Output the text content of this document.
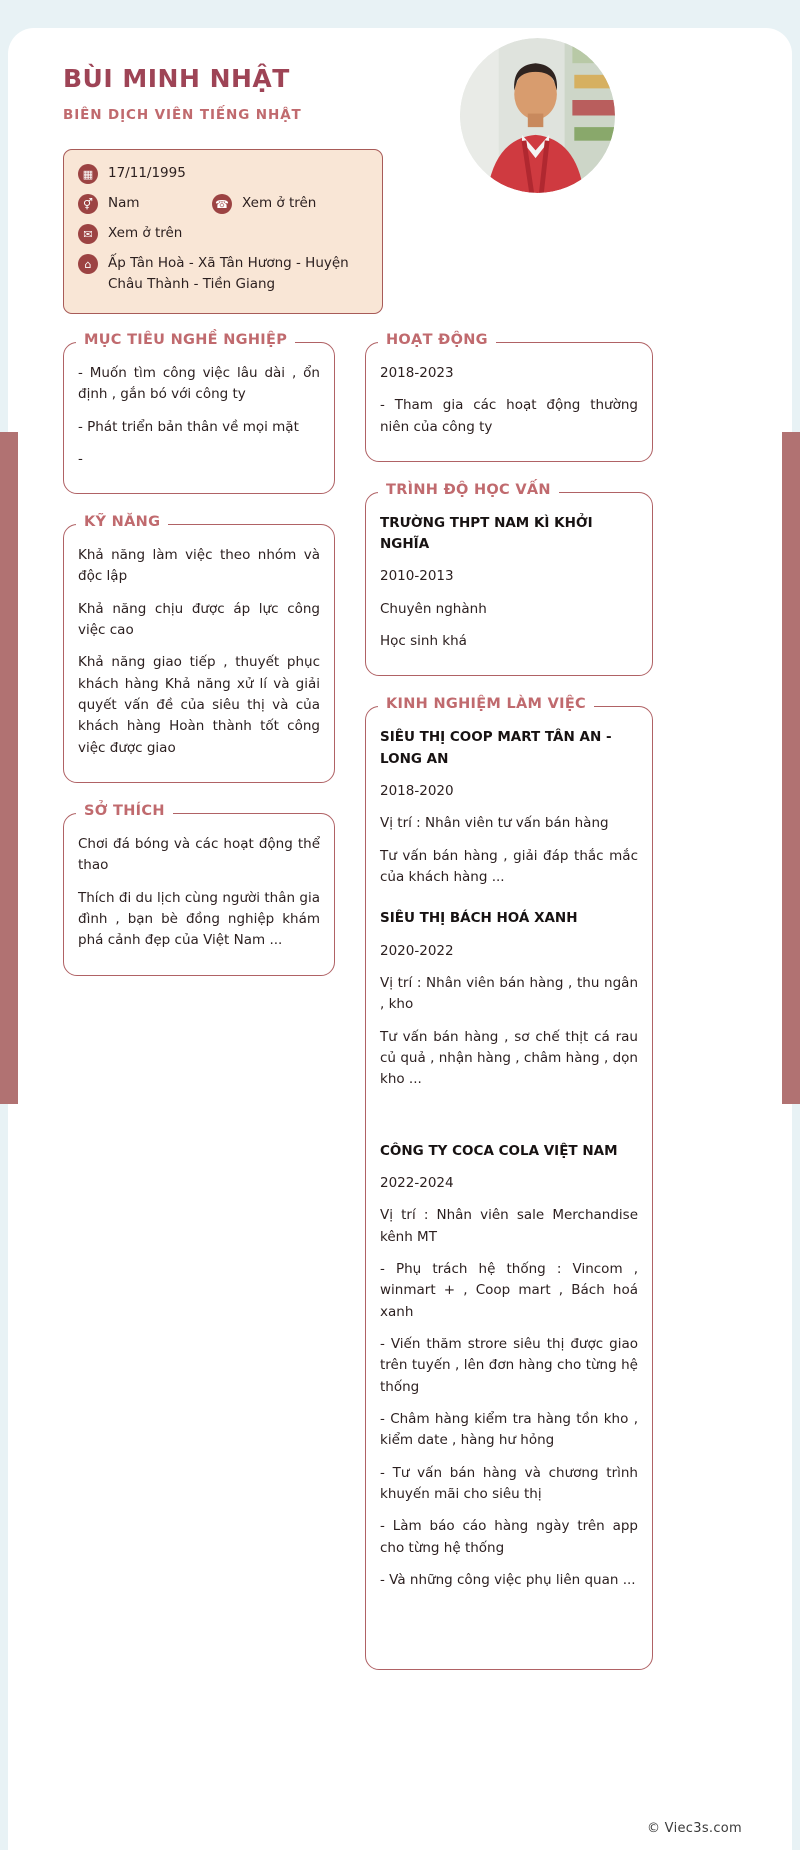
BÙI MINH NHẬT
BIÊN DỊCH VIÊN TIẾNG NHẬT
▦	17/11/1995
⚥	Nam	☎ Xem ở trên
✉	Xem ở trên
⌂	Ấp Tân Hoà - Xã Tân Hương - Huyện Châu Thành - Tiền Giang
MỤC TIÊU NGHỀ NGHIỆP

- Muốn tìm công việc lâu dài , ổn định , gắn bó với công ty

- Phát triển bản thân về mọi mặt

-

KỸ NĂNG

Khả năng làm việc theo nhóm và độc lập

Khả năng chịu được áp lực công việc cao

Khả năng giao tiếp , thuyết phục khách hàng Khả năng xử lí và giải quyết vấn đề của siêu thị và của khách hàng Hoàn thành tốt công việc được giao

SỞ THÍCH

Chơi đá bóng và các hoạt động thể thao

Thích đi du lịch cùng người thân gia đình , bạn bè đồng nghiệp khám phá cảnh đẹp của Việt Nam ...

HOẠT ĐỘNG

2018-2023

- Tham gia các hoạt động thường niên của công ty

TRÌNH ĐỘ HỌC VẤN

TRƯỜNG THPT NAM KÌ KHỞI NGHĨA

2010-2013

Chuyên nghành

Học sinh khá

KINH NGHIỆM LÀM VIỆC

SIÊU THỊ COOP MART TÂN AN - LONG AN

2018-2020

Vị trí : Nhân viên tư vấn bán hàng

Tư vấn bán hàng , giải đáp thắc mắc của khách hàng ...

SIÊU THỊ BÁCH HOÁ XANH

2020-2022

Vị trí : Nhân viên bán hàng , thu ngân , kho

Tư vấn bán hàng , sơ chế thịt cá rau củ quả , nhận hàng , châm hàng , dọn kho ...

CÔNG TY COCA COLA VIỆT NAM

2022-2024

Vị trí : Nhân viên sale Merchandise kênh MT

- Phụ trách hệ thống : Vincom , winmart + , Coop mart , Bách hoá xanh

- Viến thăm strore siêu thị được giao trên tuyến , lên đơn hàng cho từng hệ thống

- Châm hàng kiểm tra hàng tồn kho , kiểm date , hàng hư hỏng

- Tư vấn bán hàng và chương trình khuyến mãi cho siêu thị

- Làm báo cáo hàng ngày trên app cho từng hệ thống

- Và những công việc phụ liên quan ...

© Viec3s.com
